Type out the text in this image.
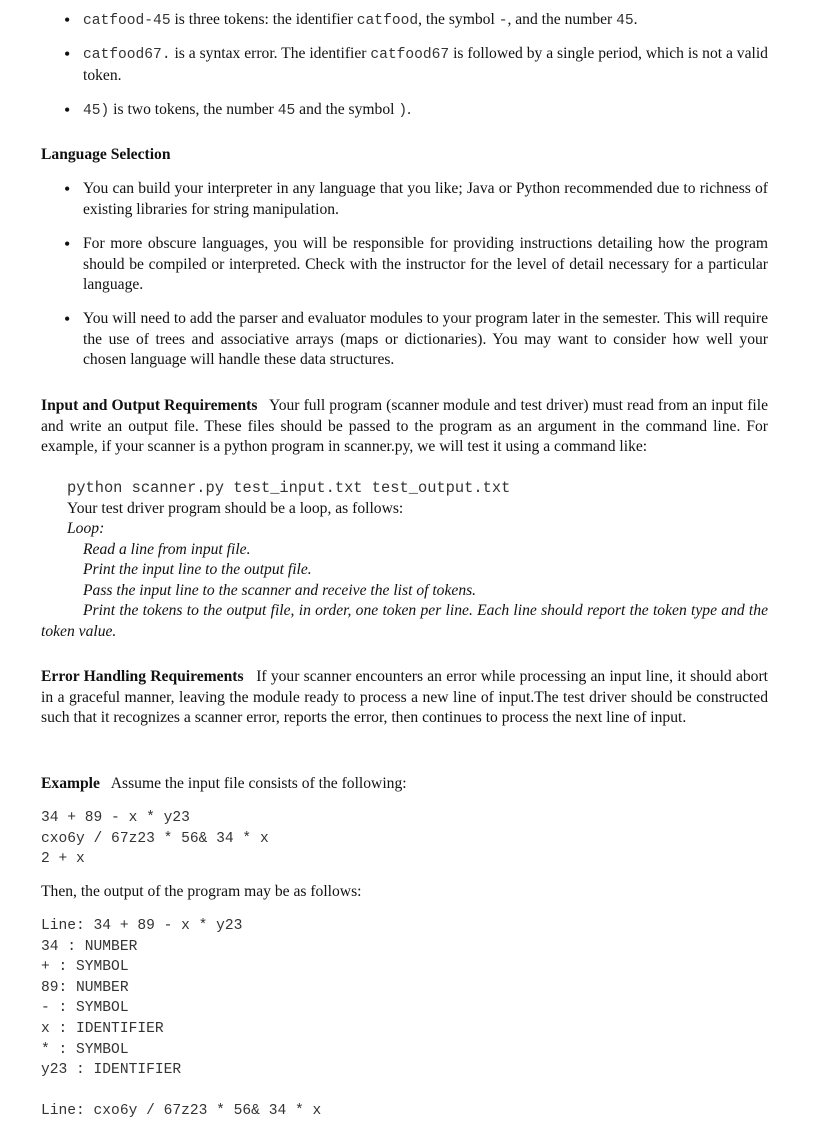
• catfood-45 is three tokens: the identifier catfood, the symbol -, and the number 45.
• catfood67. is a syntax error. The identifier catfood67 is followed by a single period, which is not a valid token.
• 45) is two tokens, the number 45 and the symbol ).
Language Selection
• You can build your interpreter in any language that you like; Java or Python recommended due to richness of existing libraries for string manipulation.
• For more obscure languages, you will be responsible for providing instructions detailing how the program should be compiled or interpreted. Check with the instructor for the level of detail necessary for a particular language.
• You will need to add the parser and evaluator modules to your program later in the semester. This will require the use of trees and associative arrays (maps or dictionaries). You may want to consider how well your chosen language will handle these data structures.
Input and Output Requirements Your full program (scanner module and test driver) must read from an input file and write an output file. These files should be passed to the program as an argument in the command line. For example, if your scanner is a python program in scanner.py, we will test it using a command like:
python scanner.py test_input.txt test_output.txt
Your test driver program should be a loop, as follows:
Loop:
Read a line from input file.
Print the input line to the output file.
Pass the input line to the scanner and receive the list of tokens.
Print the tokens to the output file, in order, one token per line. Each line should report the token type and the token value.
Error Handling Requirements If your scanner encounters an error while processing an input line, it should abort in a graceful manner, leaving the module ready to process a new line of input.The test driver should be constructed such that it recognizes a scanner error, reports the error, then continues to process the next line of input.
Example Assume the input file consists of the following:
34 + 89 - x * y23
cxo6y / 67z23 * 56& 34 * x
2 + x
Then, the output of the program may be as follows:
Line: 34 + 89 - x * y23
34 : NUMBER
+ : SYMBOL
89: NUMBER
- : SYMBOL
x : IDENTIFIER
* : SYMBOL
y23 : IDENTIFIER
Line: cxo6y / 67z23 * 56& 34 * x
